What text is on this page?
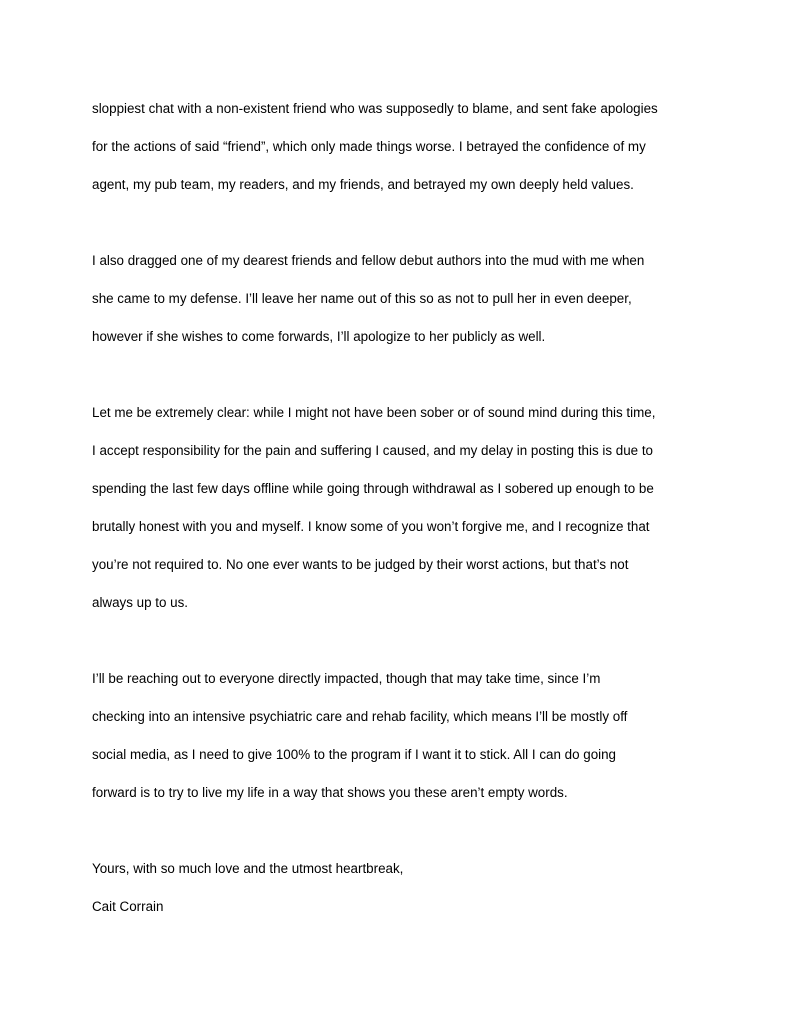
sloppiest chat with a non-existent friend who was supposedly to blame, and sent fake apologies
for the actions of said “friend”, which only made things worse. I betrayed the confidence of my
agent, my pub team, my readers, and my friends, and betrayed my own deeply held values.

I also dragged one of my dearest friends and fellow debut authors into the mud with me when
she came to my defense. I’ll leave her name out of this so as not to pull her in even deeper,
however if she wishes to come forwards, I’ll apologize to her publicly as well.

Let me be extremely clear: while I might not have been sober or of sound mind during this time,
I accept responsibility for the pain and suffering I caused, and my delay in posting this is due to
spending the last few days offline while going through withdrawal as I sobered up enough to be
brutally honest with you and myself. I know some of you won’t forgive me, and I recognize that
you’re not required to. No one ever wants to be judged by their worst actions, but that’s not
always up to us.

I’ll be reaching out to everyone directly impacted, though that may take time, since I’m
checking into an intensive psychiatric care and rehab facility, which means I’ll be mostly off
social media, as I need to give 100% to the program if I want it to stick. All I can do going
forward is to try to live my life in a way that shows you these aren’t empty words.

Yours, with so much love and the utmost heartbreak,
Cait Corrain
